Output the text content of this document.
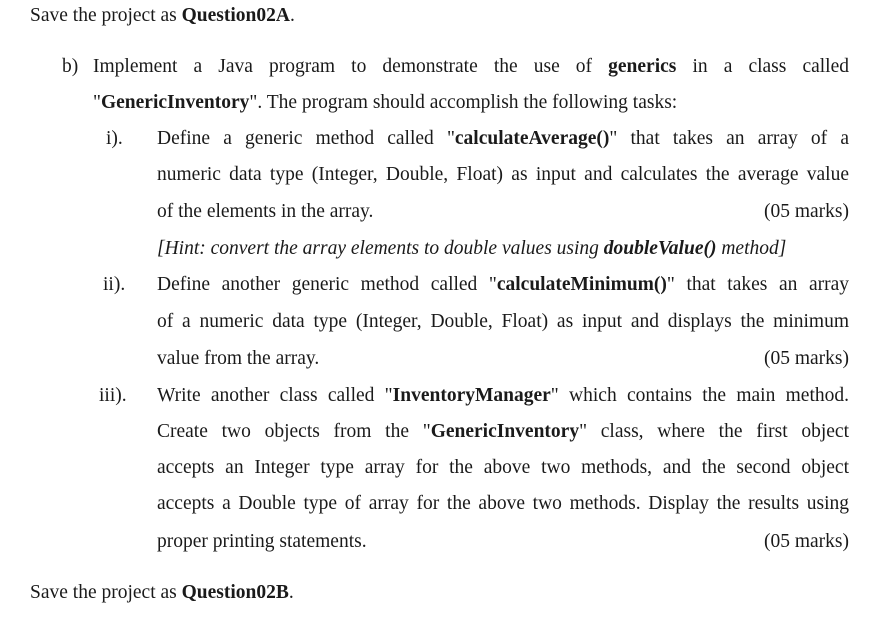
Save the project as Question02A.
b) Implement a Java program to demonstrate the use of generics in a class called
"GenericInventory". The program should accomplish the following tasks:
i). Define a generic method called "calculateAverage()" that takes an array of a
numeric data type (Integer, Double, Float) as input and calculates the average value
of the elements in the array.	(05 marks)
[Hint: convert the array elements to double values using doubleValue() method]
ii). Define another generic method called "calculateMinimum()" that takes an array
of a numeric data type (Integer, Double, Float) as input and displays the minimum
value from the array.	(05 marks)
iii). Write another class called "InventoryManager" which contains the main method.
Create two objects from the "GenericInventory" class, where the first object
accepts an Integer type array for the above two methods, and the second object
accepts a Double type of array for the above two methods. Display the results using
proper printing statements.	(05 marks)
Save the project as Question02B.
